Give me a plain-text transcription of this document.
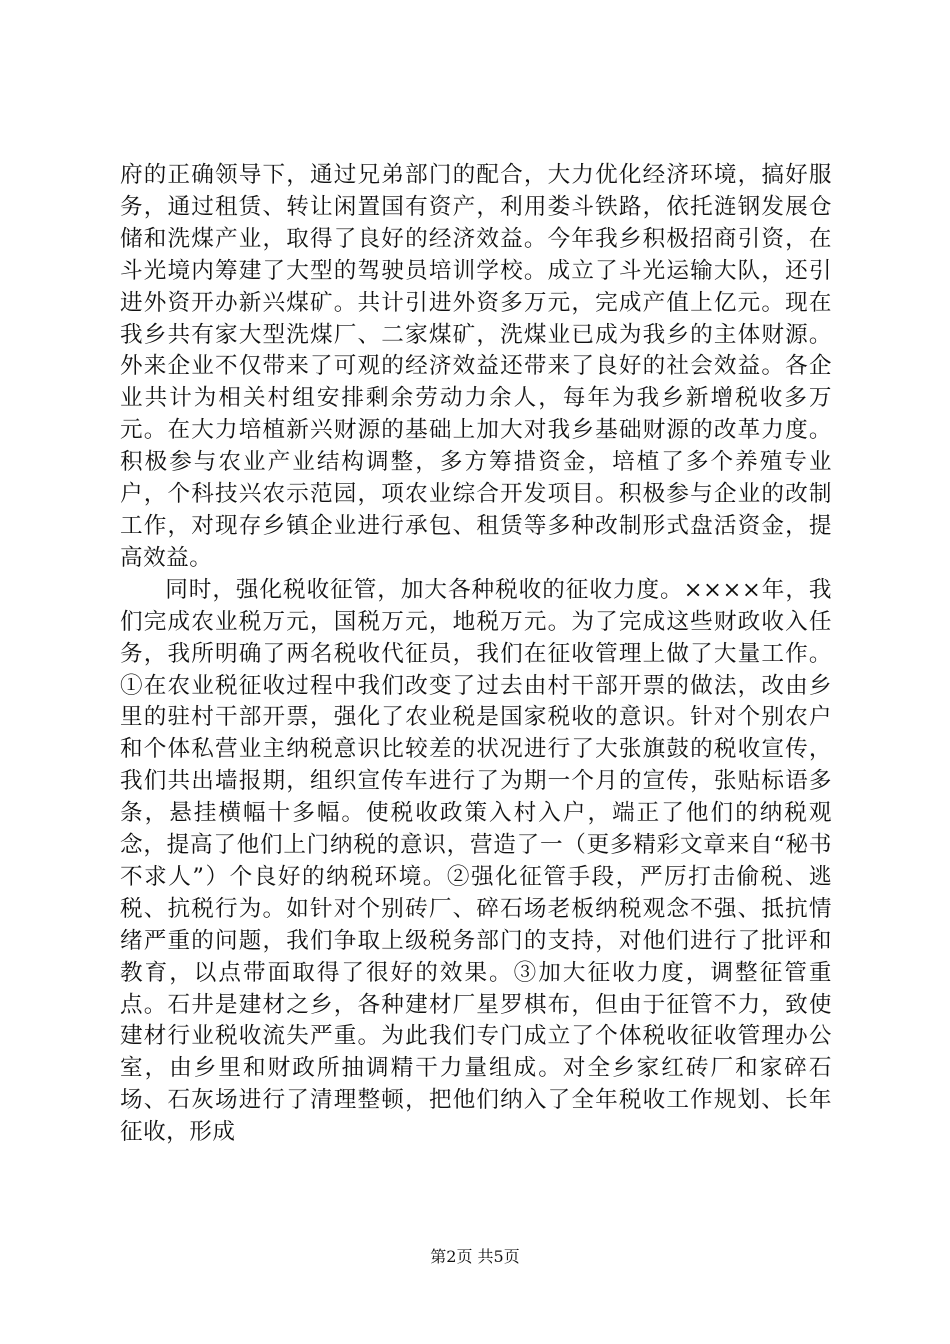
府的正确领导下，通过兄弟部门的配合，大力优化经济环境，搞好服务，通过租赁、转让闲置国有资产，利用娄斗铁路，依托涟钢发展仓储和洗煤产业，取得了良好的经济效益。今年我乡积极招商引资，在斗光境内筹建了大型的驾驶员培训学校。成立了斗光运输大队，还引进外资开办新兴煤矿。共计引进外资多万元，完成产值上亿元。现在我乡共有家大型洗煤厂、二家煤矿，洗煤业已成为我乡的主体财源。外来企业不仅带来了可观的经济效益还带来了良好的社会效益。各企业共计为相关村组安排剩余劳动力余人，每年为我乡新增税收多万元。在大力培植新兴财源的基础上加大对我乡基础财源的改革力度。积极参与农业产业结构调整，多方筹措资金，培植了多个养殖专业户，个科技兴农示范园，项农业综合开发项目。积极参与企业的改制工作，对现存乡镇企业进行承包、租赁等多种改制形式盘活资金，提高效益。

同时，强化税收征管，加大各种税收的征收力度。××××年，我们完成农业税万元，国税万元，地税万元。为了完成这些财政收入任务，我所明确了两名税收代征员，我们在征收管理上做了大量工作。①在农业税征收过程中我们改变了过去由村干部开票的做法，改由乡里的驻村干部开票，强化了农业税是国家税收的意识。针对个别农户和个体私营业主纳税意识比较差的状况进行了大张旗鼓的税收宣传，我们共出墙报期，组织宣传车进行了为期一个月的宣传，张贴标语多条，悬挂横幅十多幅。使税收政策入村入户，端正了他们的纳税观念，提高了他们上门纳税的意识，营造了一（更多精彩文章来自“秘书不求人”）个良好的纳税环境。②强化征管手段，严厉打击偷税、逃税、抗税行为。如针对个别砖厂、碎石场老板纳税观念不强、抵抗情绪严重的问题，我们争取上级税务部门的支持，对他们进行了批评和教育，以点带面取得了很好的效果。③加大征收力度，调整征管重点。石井是建材之乡，各种建材厂星罗棋布，但由于征管不力，致使建材行业税收流失严重。为此我们专门成立了个体税收征收管理办公室，由乡里和财政所抽调精干力量组成。对全乡家红砖厂和家碎石场、石灰场进行了清理整顿，把他们纳入了全年税收工作规划、长年征收，形成

第2页 共5页
